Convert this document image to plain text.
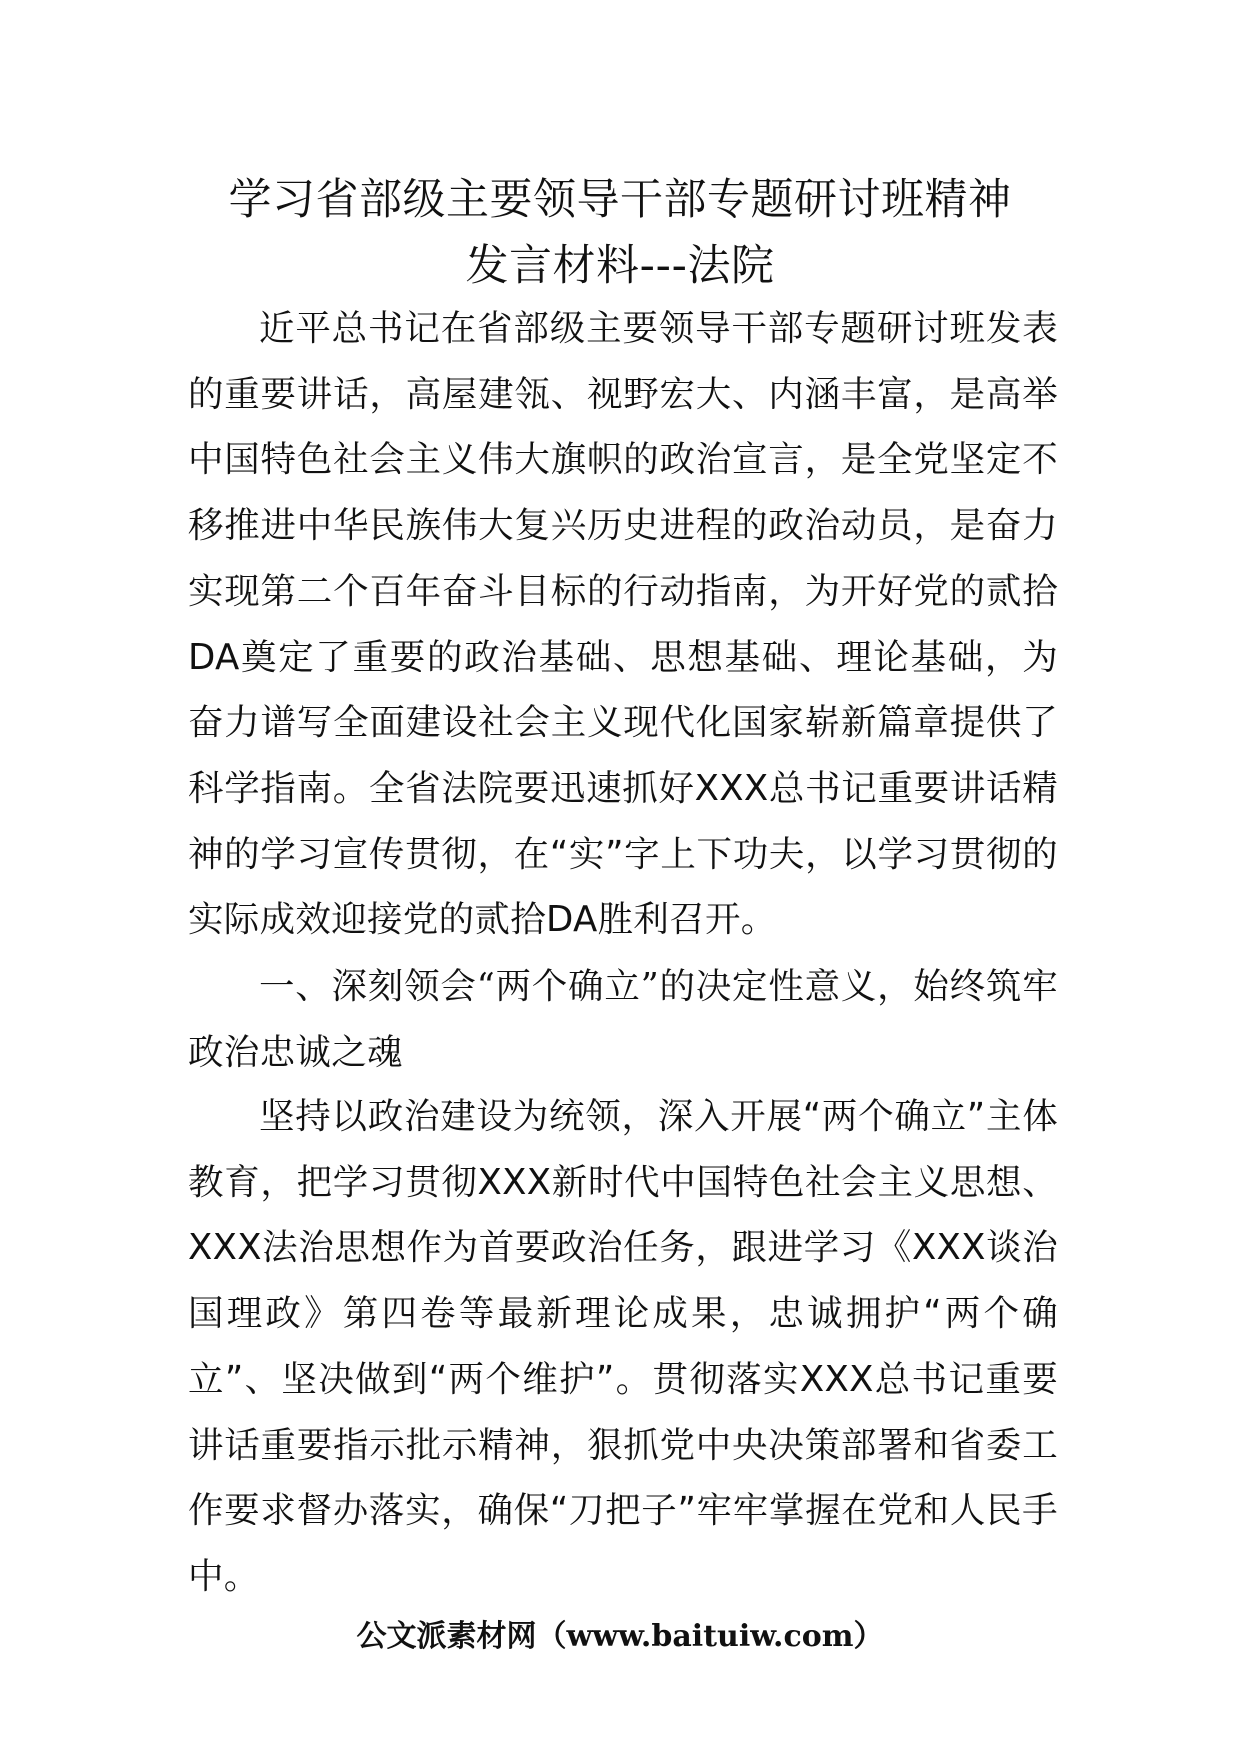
学习省部级主要领导干部专题研讨班精神
发言材料---法院

近平总书记在省部级主要领导干部专题研讨班发表的重要讲话，高屋建瓴、视野宏大、内涵丰富，是高举中国特色社会主义伟大旗帜的政治宣言，是全党坚定不移推进中华民族伟大复兴历史进程的政治动员，是奋力实现第二个百年奋斗目标的行动指南，为开好党的贰拾DA奠定了重要的政治基础、思想基础、理论基础，为奋力谱写全面建设社会主义现代化国家崭新篇章提供了科学指南。全省法院要迅速抓好XXX总书记重要讲话精神的学习宣传贯彻，在“实”字上下功夫，以学习贯彻的实际成效迎接党的贰拾DA胜利召开。

一、深刻领会“两个确立”的决定性意义，始终筑牢政治忠诚之魂

坚持以政治建设为统领，深入开展“两个确立”主体教育，把学习贯彻XXX新时代中国特色社会主义思想、XXX法治思想作为首要政治任务，跟进学习《XXX谈治国理政》第四卷等最新理论成果，忠诚拥护“两个确立”、坚决做到“两个维护”。贯彻落实XXX总书记重要讲话重要指示批示精神，狠抓党中央决策部署和省委工作要求督办落实，确保“刀把子”牢牢掌握在党和人民手中。

公文派素材网（www.baituiw.com）
